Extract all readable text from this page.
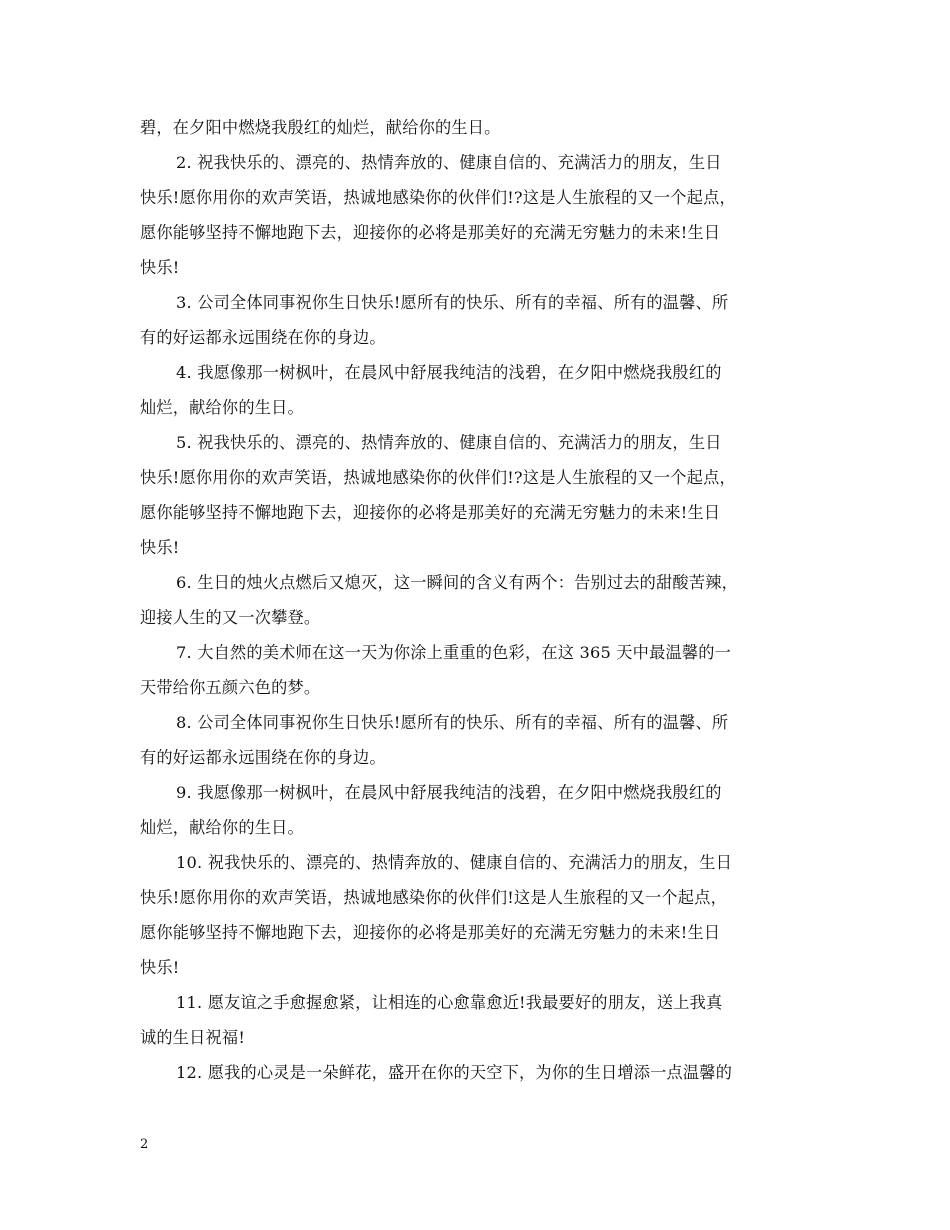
碧，在夕阳中燃烧我殷红的灿烂，献给你的生日。
2. 祝我快乐的、漂亮的、热情奔放的、健康自信的、充满活力的朋友，生日
快乐!愿你用你的欢声笑语，热诚地感染你的伙伴们!?这是人生旅程的又一个起点，
愿你能够坚持不懈地跑下去，迎接你的必将是那美好的充满无穷魅力的未来!生日
快乐!
3. 公司全体同事祝你生日快乐!愿所有的快乐、所有的幸福、所有的温馨、所
有的好运都永远围绕在你的身边。
4. 我愿像那一树枫叶，在晨风中舒展我纯洁的浅碧，在夕阳中燃烧我殷红的
灿烂，献给你的生日。
5. 祝我快乐的、漂亮的、热情奔放的、健康自信的、充满活力的朋友，生日
快乐!愿你用你的欢声笑语，热诚地感染你的伙伴们!?这是人生旅程的又一个起点，
愿你能够坚持不懈地跑下去，迎接你的必将是那美好的充满无穷魅力的未来!生日
快乐!
6. 生日的烛火点燃后又熄灭，这一瞬间的含义有两个：告别过去的甜酸苦辣，
迎接人生的又一次攀登。
7. 大自然的美术师在这一天为你涂上重重的色彩，在这 365 天中最温馨的一
天带给你五颜六色的梦。
8. 公司全体同事祝你生日快乐!愿所有的快乐、所有的幸福、所有的温馨、所
有的好运都永远围绕在你的身边。
9. 我愿像那一树枫叶，在晨风中舒展我纯洁的浅碧，在夕阳中燃烧我殷红的
灿烂，献给你的生日。
10. 祝我快乐的、漂亮的、热情奔放的、健康自信的、充满活力的朋友，生日
快乐!愿你用你的欢声笑语，热诚地感染你的伙伴们!这是人生旅程的又一个起点，
愿你能够坚持不懈地跑下去，迎接你的必将是那美好的充满无穷魅力的未来!生日
快乐!
11. 愿友谊之手愈握愈紧，让相连的心愈靠愈近!我最要好的朋友，送上我真
诚的生日祝福!
12. 愿我的心灵是一朵鲜花，盛开在你的天空下，为你的生日增添一点温馨的
2
